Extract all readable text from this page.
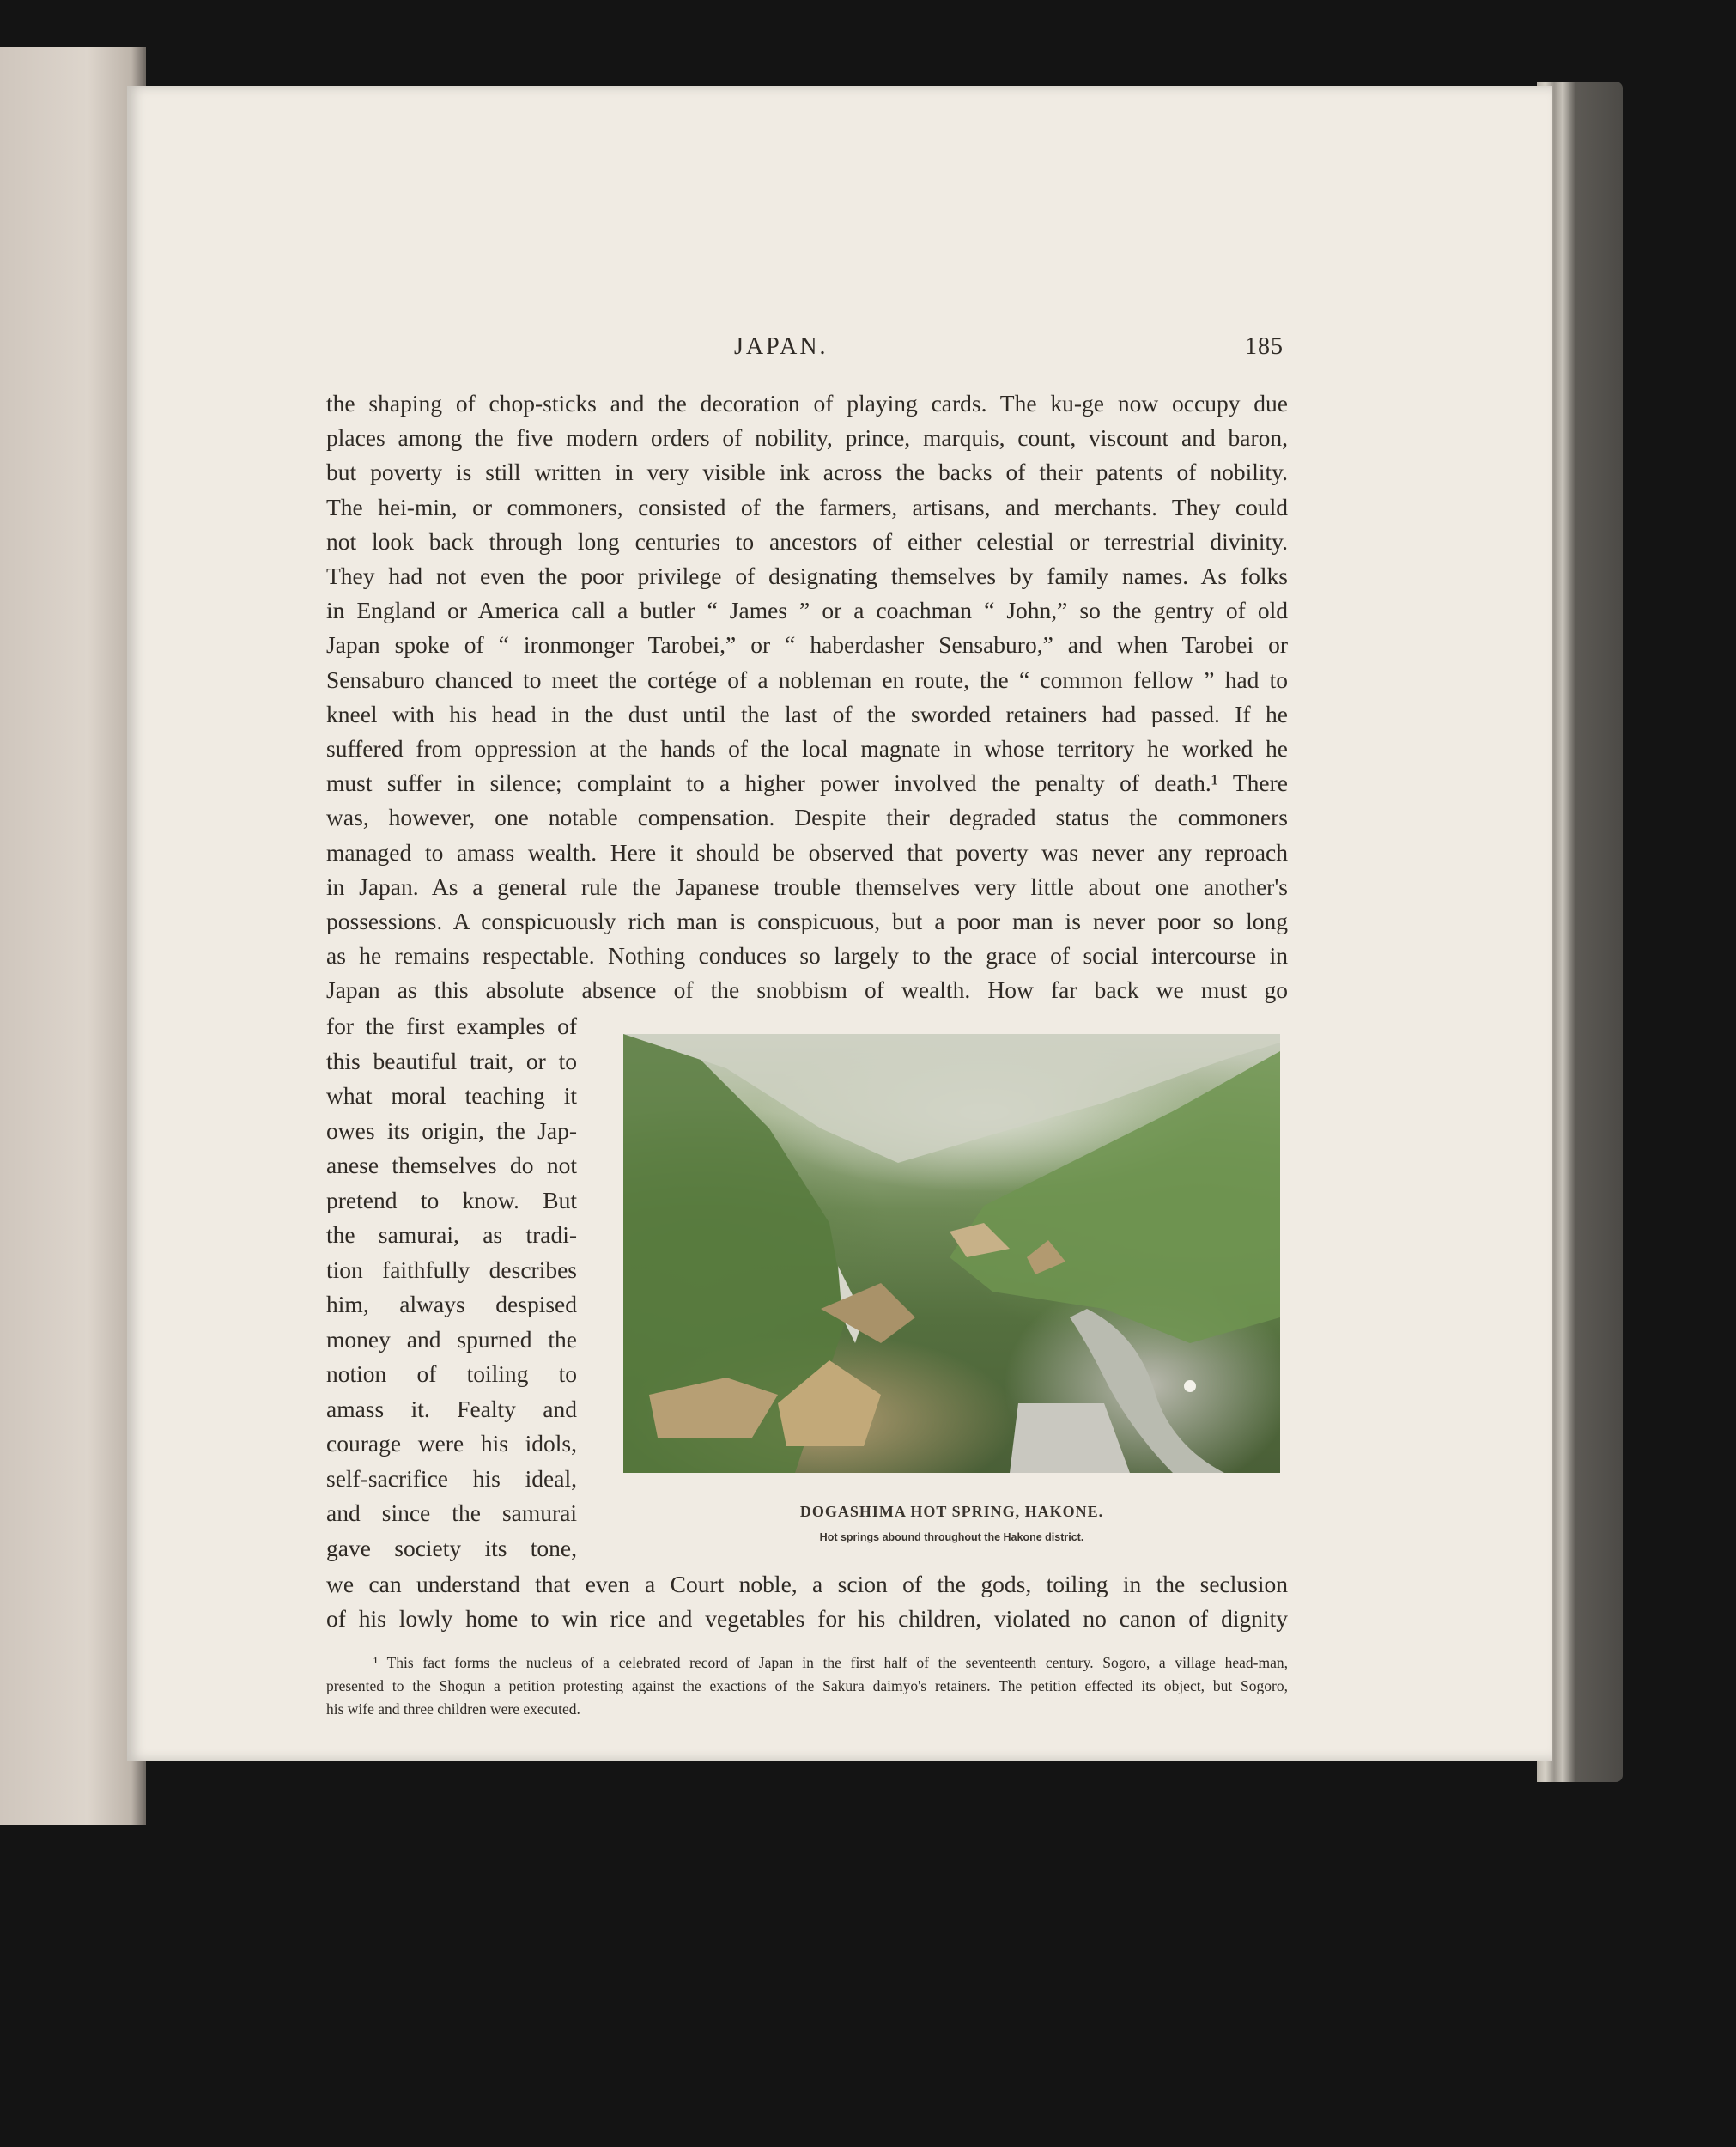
JAPAN.	185
the shaping of chop-sticks and the decoration of playing cards. The ku-ge now occupy due
places among the five modern orders of nobility, prince, marquis, count, viscount and baron,
but poverty is still written in very visible ink across the backs of their patents of nobility.
The hei-min, or commoners, consisted of the farmers, artisans, and merchants. They could
not look back through long centuries to ancestors of either celestial or terrestrial divinity.
They had not even the poor privilege of designating themselves by family names. As folks
in England or America call a butler “ James ” or a coachman “ John,” so the gentry of old
Japan spoke of “ ironmonger Tarobei,” or “ haberdasher Sensaburo,” and when Tarobei or
Sensaburo chanced to meet the cortége of a nobleman en route, the “ common fellow ” had to
kneel with his head in the dust until the last of the sworded retainers had passed. If he
suffered from oppression at the hands of the local magnate in whose territory he worked he
must suffer in silence; complaint to a higher power involved the penalty of death.¹ There
was, however, one notable compensation. Despite their degraded status the commoners
managed to amass wealth. Here it should be observed that poverty was never any reproach
in Japan. As a general rule the Japanese trouble themselves very little about one another's
possessions. A conspicuously rich man is conspicuous, but a poor man is never poor so long
as he remains respectable. Nothing conduces so largely to the grace of social intercourse in
Japan as this absolute absence of the snobbism of wealth. How far back we must go
for the first examples of
this beautiful trait, or to
what moral teaching it
owes its origin, the Jap-
anese themselves do not
pretend to know. But
the samurai, as tradi-
tion faithfully describes
him, always despised
money and spurned the
notion of toiling to
amass it. Fealty and
courage were his idols,
self-sacrifice his ideal,
and since the samurai
gave society its tone,
we can understand that even a Court noble, a scion of the gods, toiling in the seclusion
of his lowly home to win rice and vegetables for his children, violated no canon of dignity
DOGASHIMA HOT SPRING, HAKONE.
Hot springs abound throughout the Hakone district.
¹ This fact forms the nucleus of a celebrated record of Japan in the first half of the seventeenth century. Sogoro, a village head-man,
presented to the Shogun a petition protesting against the exactions of the Sakura daimyo's retainers. The petition effected its object, but Sogoro,
his wife and three children were executed.
